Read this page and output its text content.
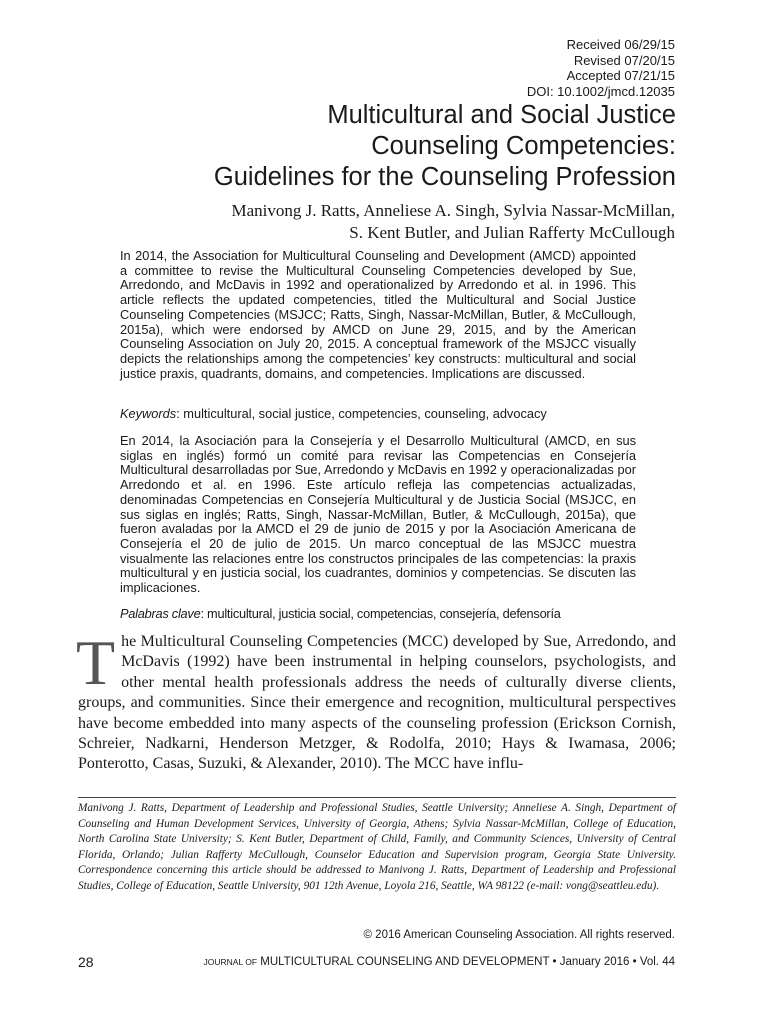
Received 06/29/15
Revised 07/20/15
Accepted 07/21/15
DOI: 10.1002/jmcd.12035
Multicultural and Social Justice
Counseling Competencies:
Guidelines for the Counseling Profession
Manivong J. Ratts, Anneliese A. Singh, Sylvia Nassar-McMillan,
S. Kent Butler, and Julian Rafferty McCullough

In 2014, the Association for Multicultural Counseling and Development (AMCD) appointed a committee to revise the Multicultural Counseling Competencies developed by Sue, Arredondo, and McDavis in 1992 and operationalized by Arredondo et al. in 1996. This article reflects the updated competencies, titled the Multicultural and Social Justice Counseling Competencies (MSJCC; Ratts, Singh, Nassar-McMillan, Butler, & McCullough, 2015a), which were endorsed by AMCD on June 29, 2015, and by the American Counseling Association on July 20, 2015. A conceptual framework of the MSJCC visually depicts the relationships among the competencies’ key constructs: multicultural and social justice praxis, quadrants, domains, and competencies. Implications are discussed.

Keywords: multicultural, social justice, competencies, counseling, advocacy

En 2014, la Asociación para la Consejería y el Desarrollo Multicultural (AMCD, en sus siglas en inglés) formó un comité para revisar las Competencias en Consejería Multicultural desarrolladas por Sue, Arredondo y McDavis en 1992 y operacionalizadas por Arredondo et al. en 1996. Este artículo refleja las competencias actualizadas, denominadas Competencias en Consejería Multicultural y de Justicia Social (MSJCC, en sus siglas en inglés; Ratts, Singh, Nassar-McMillan, Butler, & McCullough, 2015a), que fueron avaladas por la AMCD el 29 de junio de 2015 y por la Asociación Americana de Consejería el 20 de julio de 2015. Un marco conceptual de las MSJCC muestra visualmente las relaciones entre los constructos principales de las competencias: la praxis multicultural y en justicia social, los cuadrantes, dominios y competencias. Se discuten las implicaciones.

Palabras clave: multicultural, justicia social, competencias, consejería, defensoría

The Multicultural Counseling Competencies (MCC) developed by Sue, Arredondo, and McDavis (1992) have been instrumental in helping counselors, psychologists, and other mental health professionals address the needs of culturally diverse clients, groups, and communities. Since their emergence and recognition, multicultural perspectives have become embedded into many aspects of the counseling profession (Erickson Cornish, Schreier, Nadkarni, Henderson Metzger, & Rodolfa, 2010; Hays & Iwamasa, 2006; Ponterotto, Casas, Suzuki, & Alexander, 2010). The MCC have influ-

Manivong J. Ratts, Department of Leadership and Professional Studies, Seattle University; Anneliese A. Singh, Department of Counseling and Human Development Services, University of Georgia, Athens; Sylvia Nassar-McMillan, College of Education, North Carolina State University; S. Kent Butler, Department of Child, Family, and Community Sciences, University of Central Florida, Orlando; Julian Rafferty McCullough, Counselor Education and Supervision program, Georgia State University. Correspondence concerning this article should be addressed to Manivong J. Ratts, Department of Leadership and Professional Studies, College of Education, Seattle University, 901 12th Avenue, Loyola 216, Seattle, WA 98122 (e-mail: vong@seattleu.edu).

© 2016 American Counseling Association. All rights reserved.
28	JOURNAL OF MULTICULTURAL COUNSELING AND DEVELOPMENT • January 2016 • Vol. 44
